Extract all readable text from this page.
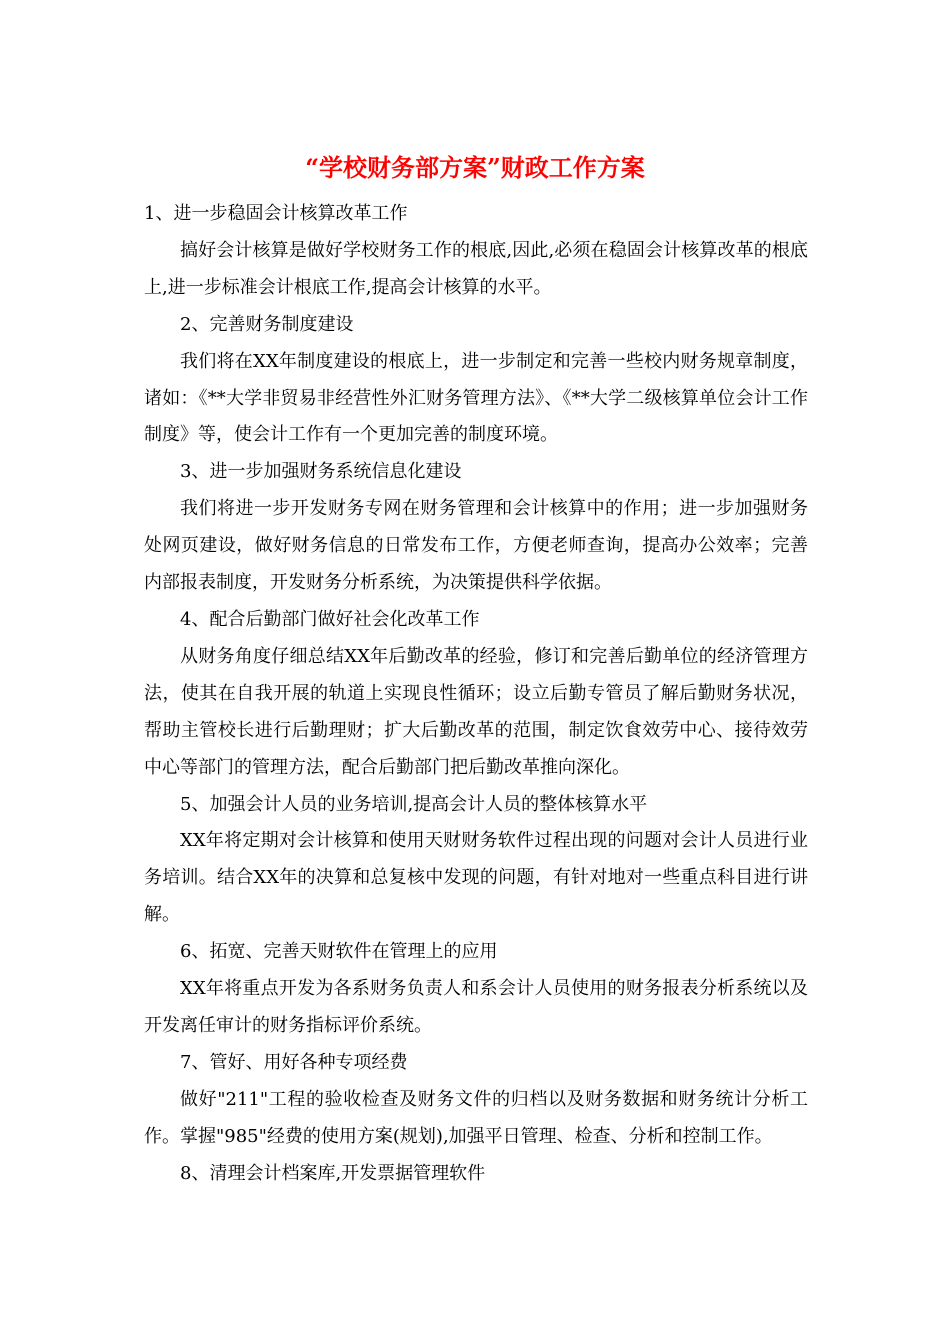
“学校财务部方案”财政工作方案

1、进一步稳固会计核算改革工作

搞好会计核算是做好学校财务工作的根底,因此,必须在稳固会计核算改革的根底上,进一步标准会计根底工作,提高会计核算的水平。

2、完善财务制度建设

我们将在XX年制度建设的根底上，进一步制定和完善一些校内财务规章制度，诸如：《**大学非贸易非经营性外汇财务管理方法》、《**大学二级核算单位会计工作制度》等，使会计工作有一个更加完善的制度环境。

3、进一步加强财务系统信息化建设

我们将进一步开发财务专网在财务管理和会计核算中的作用；进一步加强财务处网页建设，做好财务信息的日常发布工作，方便老师查询，提高办公效率；完善内部报表制度，开发财务分析系统，为决策提供科学依据。

4、配合后勤部门做好社会化改革工作

从财务角度仔细总结XX年后勤改革的经验，修订和完善后勤单位的经济管理方法，使其在自我开展的轨道上实现良性循环；设立后勤专管员了解后勤财务状况，帮助主管校长进行后勤理财；扩大后勤改革的范围，制定饮食效劳中心、接待效劳中心等部门的管理方法，配合后勤部门把后勤改革推向深化。

5、加强会计人员的业务培训,提高会计人员的整体核算水平

XX年将定期对会计核算和使用天财财务软件过程出现的问题对会计人员进行业务培训。结合XX年的决算和总复核中发现的问题，有针对地对一些重点科目进行讲解。

6、拓宽、完善天财软件在管理上的应用

XX年将重点开发为各系财务负责人和系会计人员使用的财务报表分析系统以及开发离任审计的财务指标评价系统。

7、管好、用好各种专项经费

做好"211"工程的验收检查及财务文件的归档以及财务数据和财务统计分析工作。掌握"985"经费的使用方案(规划),加强平日管理、检查、分析和控制工作。

8、清理会计档案库,开发票据管理软件
